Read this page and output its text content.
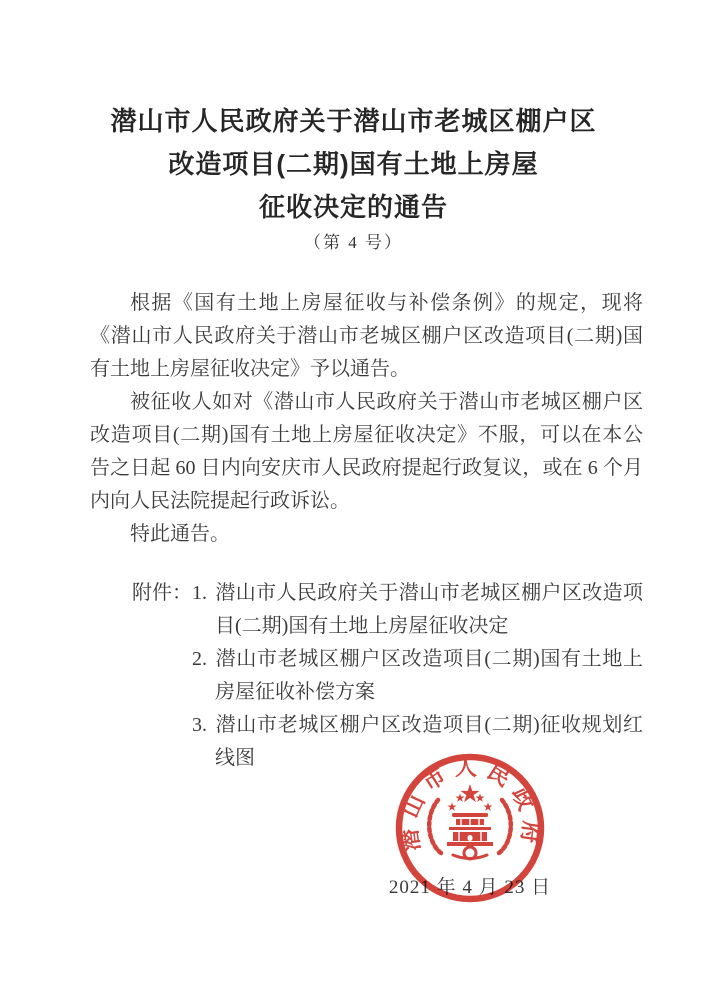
潜山市人民政府关于潜山市老城区棚户区
改造项目(二期)国有土地上房屋
征收决定的通告
（第 4 号）

根据《国有土地上房屋征收与补偿条例》的规定，现将《潜山市人民政府关于潜山市老城区棚户区改造项目(二期)国有土地上房屋征收决定》予以通告。

被征收人如对《潜山市人民政府关于潜山市老城区棚户区改造项目(二期)国有土地上房屋征收决定》不服，可以在本公告之日起 60 日内向安庆市人民政府提起行政复议，或在 6 个月内向人民法院提起行政诉讼。

特此通告。

附件： 1. 潜山市人民政府关于潜山市老城区棚户区改造项目(二期)国有土地上房屋征收决定
2. 潜山市老城区棚户区改造项目(二期)国有土地上房屋征收补偿方案
3. 潜山市老城区棚户区改造项目(二期)征收规划红线图
2021 年 4 月 23 日
潜山市人民政府
